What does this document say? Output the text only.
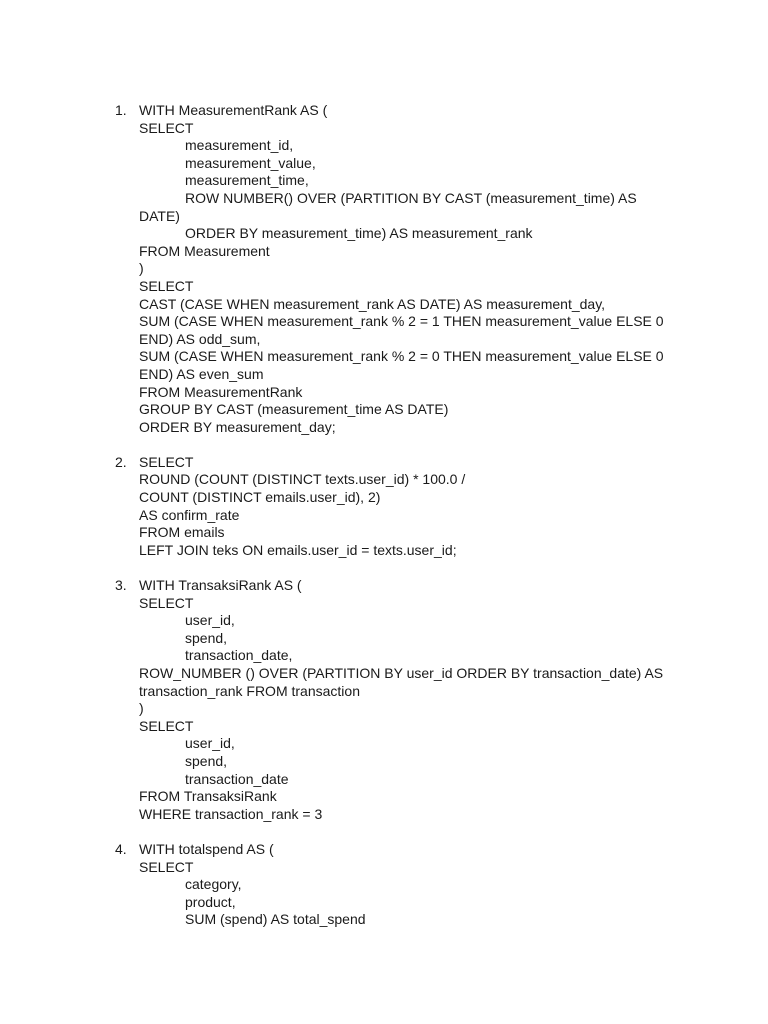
1. WITH MeasurementRank AS (
SELECT
measurement_id,
measurement_value,
measurement_time,
ROW NUMBER() OVER (PARTITION BY CAST (measurement_time) AS
DATE)
ORDER BY measurement_time) AS measurement_rank
FROM Measurement
)
SELECT
CAST (CASE WHEN measurement_rank AS DATE) AS measurement_day,
SUM (CASE WHEN measurement_rank % 2 = 1 THEN measurement_value ELSE 0
END) AS odd_sum,
SUM (CASE WHEN measurement_rank % 2 = 0 THEN measurement_value ELSE 0
END) AS even_sum
FROM MeasurementRank
GROUP BY CAST (measurement_time AS DATE)
ORDER BY measurement_day;
2. SELECT
ROUND (COUNT (DISTINCT texts.user_id) * 100.0 /
COUNT (DISTINCT emails.user_id), 2)
AS confirm_rate
FROM emails
LEFT JOIN teks ON emails.user_id = texts.user_id;
3. WITH TransaksiRank AS (
SELECT
user_id,
spend,
transaction_date,
ROW_NUMBER () OVER (PARTITION BY user_id ORDER BY transaction_date) AS
transaction_rank FROM transaction
)
SELECT
user_id,
spend,
transaction_date
FROM TransaksiRank
WHERE transaction_rank = 3
4. WITH totalspend AS (
SELECT
category,
product,
SUM (spend) AS total_spend
